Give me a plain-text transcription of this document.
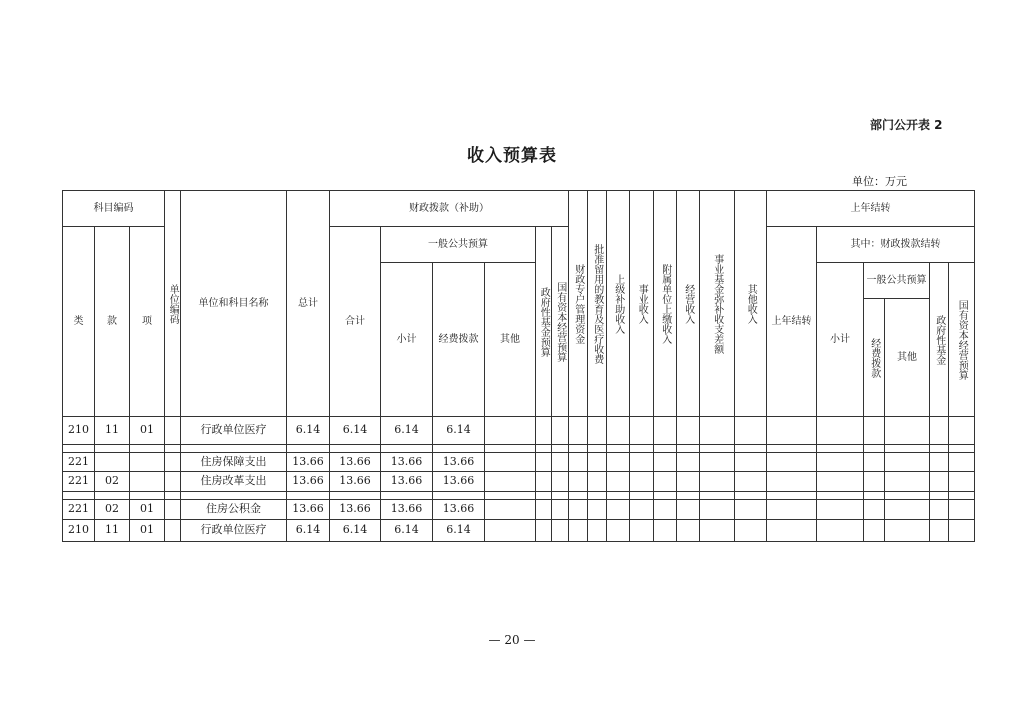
部门公开表 2
收入预算表
单位：万元
科目编码			单位编码	单位和科目名称	总计	财政拨款（补助）						财政专户管理资金	批准留用的教育及医疗收费	上级补助收入	事业收入	附属单位上缴收入	经营收入	事业基金弥补收支差额	其他收入	上年结转					
类	款	项				合计	一般公共预算			政府性基金预算	国有资本经营预算									上年结转	其中：财政拨款结转				
							小计	经费拨款	其他												小计	一般公共预算		政府性基金	国有资本经营预算
																						经费拨款	其他		
210	11	01		行政单位医疗	6.14	6.14	6.14	6.14																	

221				住房保障支出	13.66	13.66	13.66	13.66																	
221	02			住房改革支出	13.66	13.66	13.66	13.66																	

221	02	01		住房公积金	13.66	13.66	13.66	13.66																	
210	11	01		行政单位医疗	6.14	6.14	6.14	6.14																	
— 20 —
